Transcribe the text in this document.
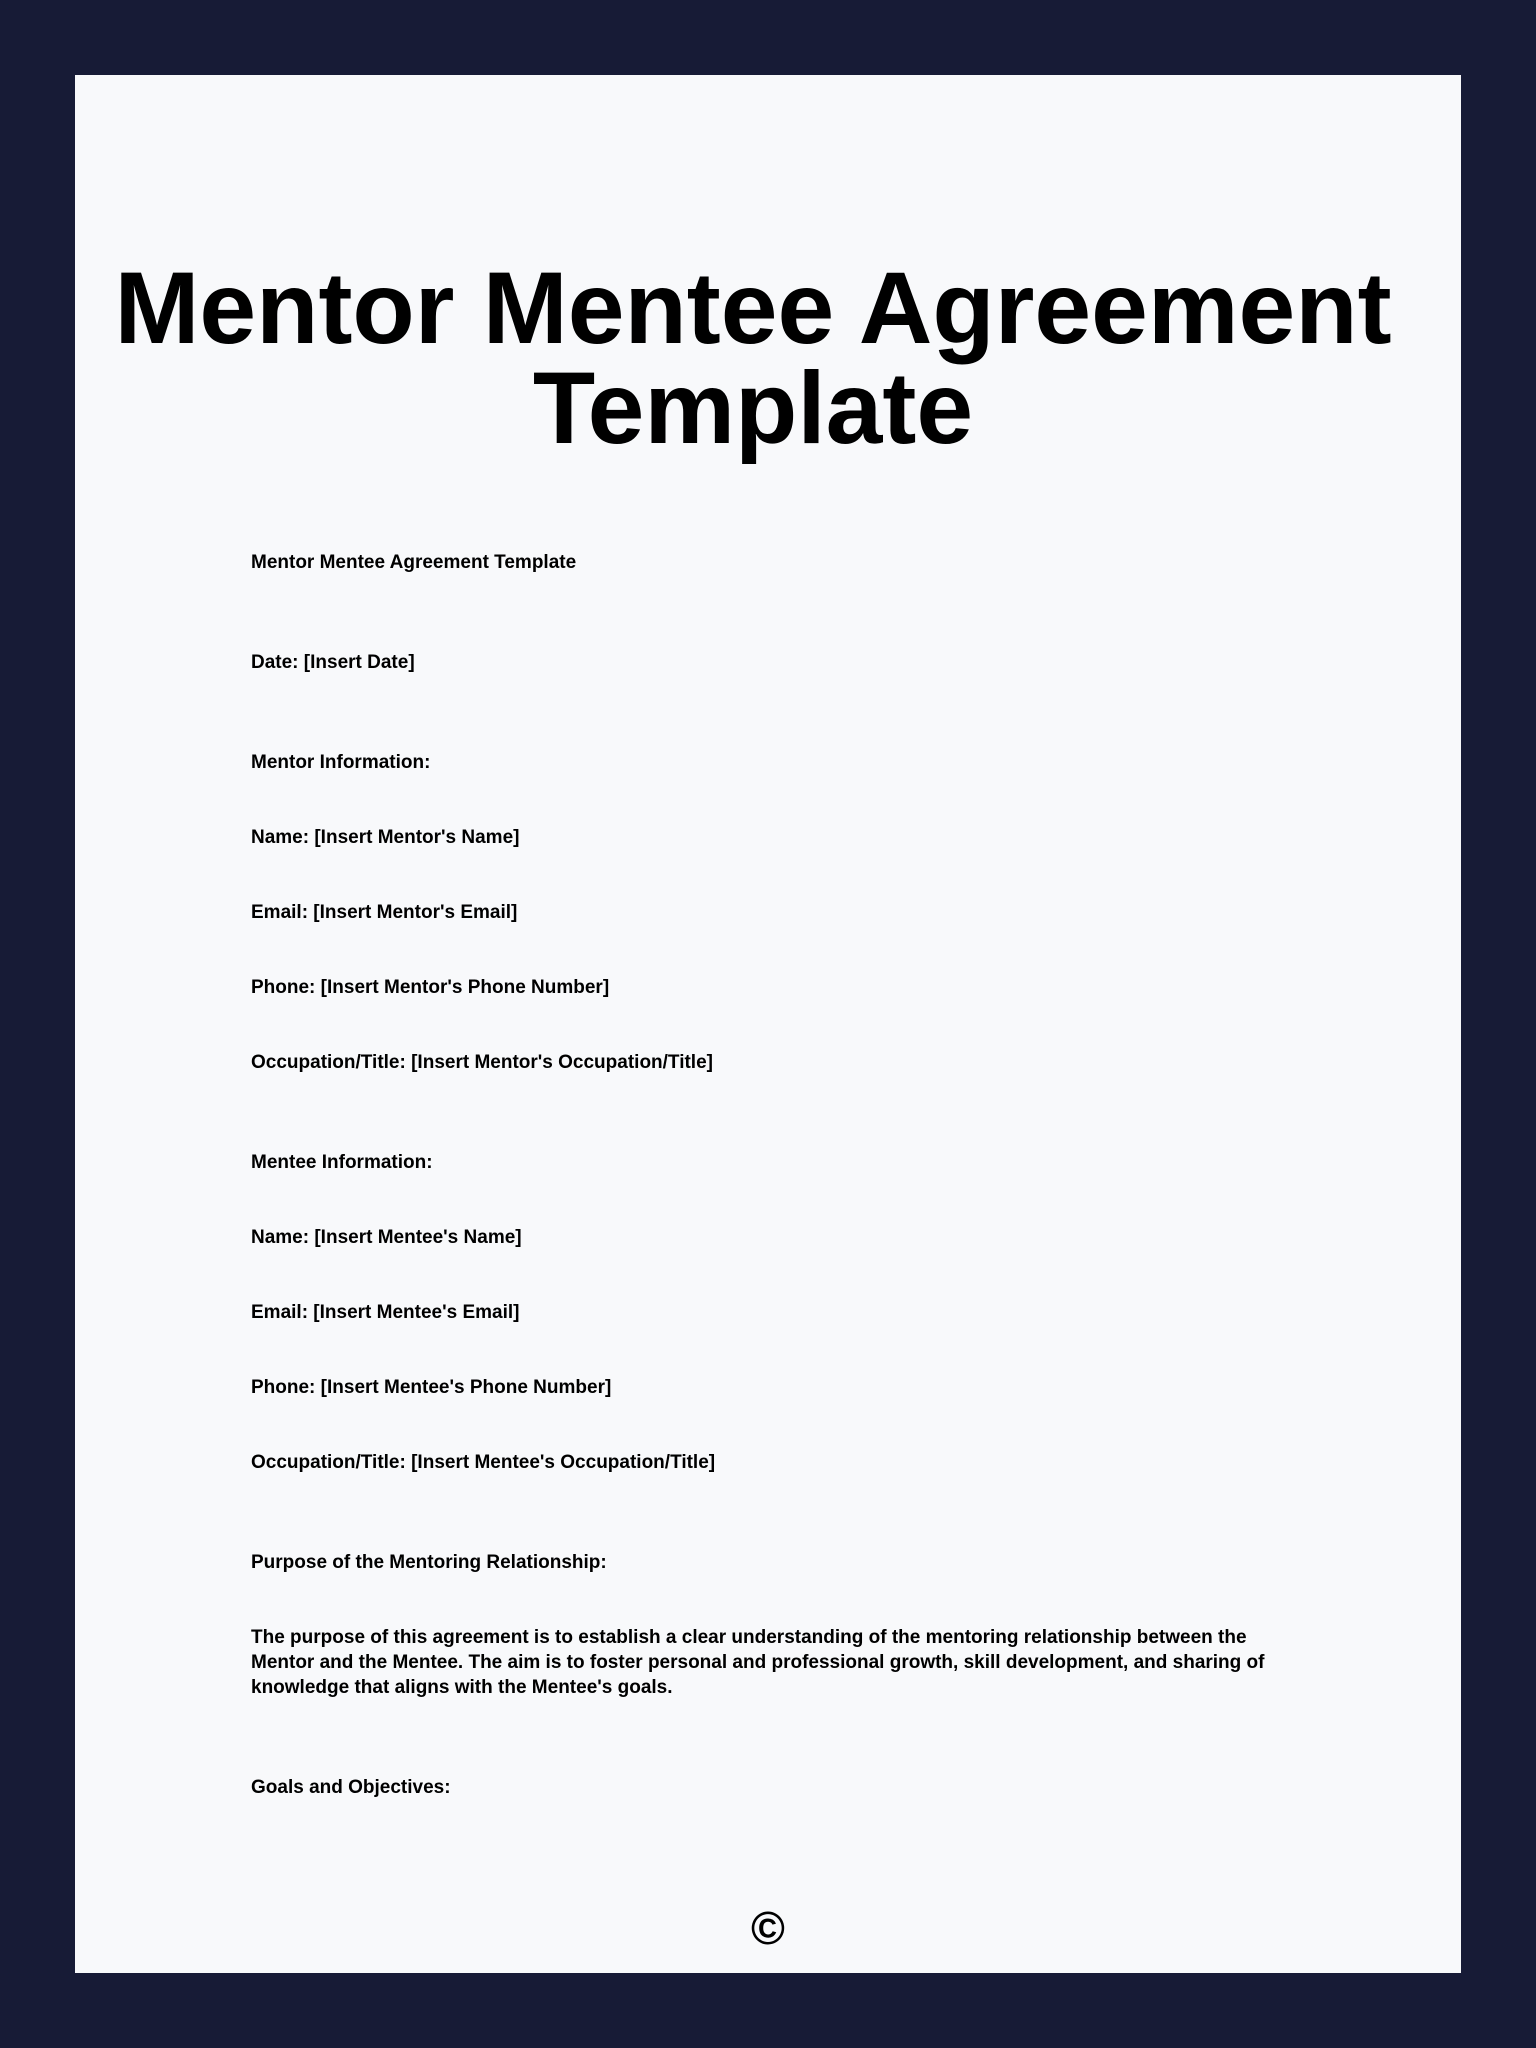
Mentor Mentee Agreement
Template

Mentor Mentee Agreement Template

Date: [Insert Date]

Mentor Information:

Name: [Insert Mentor's Name]

Email: [Insert Mentor's Email]

Phone: [Insert Mentor's Phone Number]

Occupation/Title: [Insert Mentor's Occupation/Title]

Mentee Information:

Name: [Insert Mentee's Name]

Email: [Insert Mentee's Email]

Phone: [Insert Mentee's Phone Number]

Occupation/Title: [Insert Mentee's Occupation/Title]

Purpose of the Mentoring Relationship:

The purpose of this agreement is to establish a clear understanding of the mentoring relationship between the Mentor and the Mentee. The aim is to foster personal and professional growth, skill development, and sharing of knowledge that aligns with the Mentee's goals.

Goals and Objectives:

©
